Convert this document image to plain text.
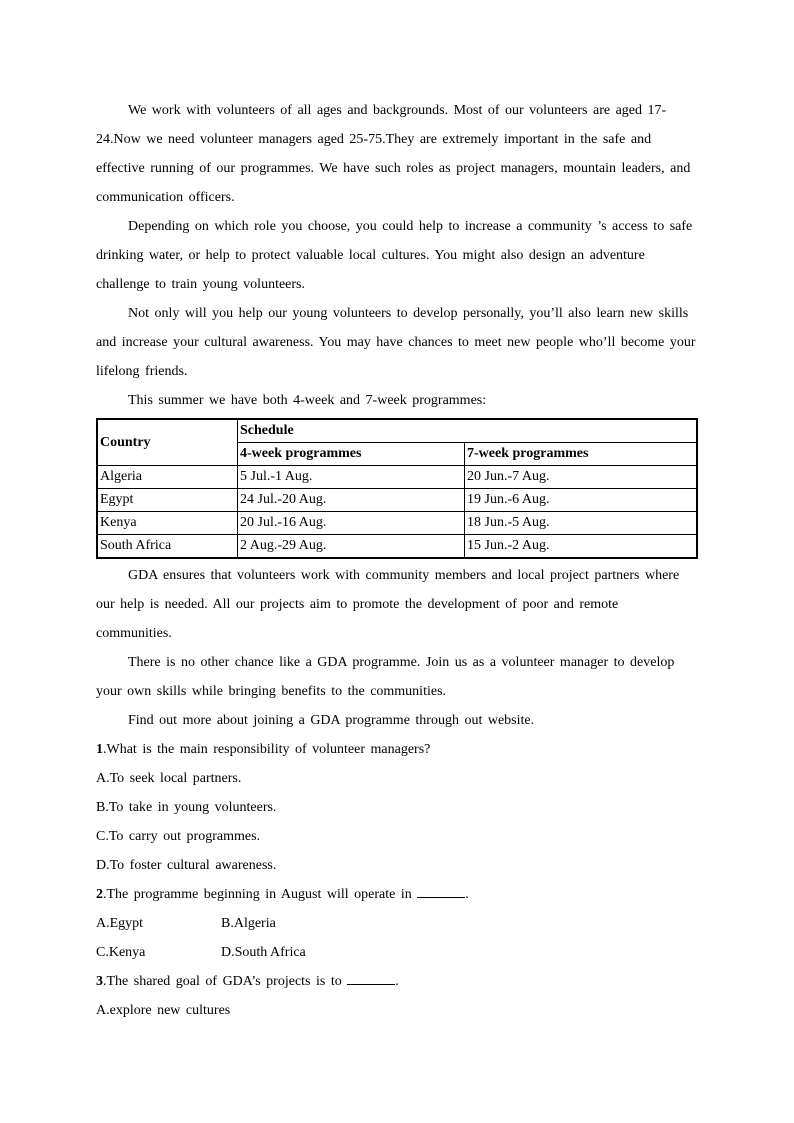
We work with volunteers of all ages and backgrounds. Most of our volunteers are aged 17-24.Now we need volunteer managers aged 25-75.They are extremely important in the safe and effective running of our programmes. We have such roles as project managers, mountain leaders, and communication officers.

Depending on which role you choose, you could help to increase a community ’s access to safe drinking water, or help to protect valuable local cultures. You might also design an adventure challenge to train young volunteers.

Not only will you help our young volunteers to develop personally, you’ll also learn new skills and increase your cultural awareness. You may have chances to meet new people who’ll become your lifelong friends.

This summer we have both 4-week and 7-week programmes:

Country	Schedule	
	4-week programmes	7-week programmes
Algeria	5 Jul.-1 Aug.	20 Jun.-7 Aug.
Egypt	24 Jul.-20 Aug.	19 Jun.-6 Aug.
Kenya	20 Jul.-16 Aug.	18 Jun.-5 Aug.
South Africa	2 Aug.-29 Aug.	15 Jun.-2 Aug.

GDA ensures that volunteers work with community members and local project partners where our help is needed. All our projects aim to promote the development of poor and remote communities.

There is no other chance like a GDA programme. Join us as a volunteer manager to develop your own skills while bringing benefits to the communities.

Find out more about joining a GDA programme through out website.

1.What is the main responsibility of volunteer managers?

A.To seek local partners.

B.To take in young volunteers.

C.To carry out programmes.

D.To foster cultural awareness.

2.The programme beginning in August will operate in	.

A.Egypt	B.Algeria
C.Kenya	D.South Africa

3.The shared goal of GDA’s projects is to	.

A.explore new cultures
